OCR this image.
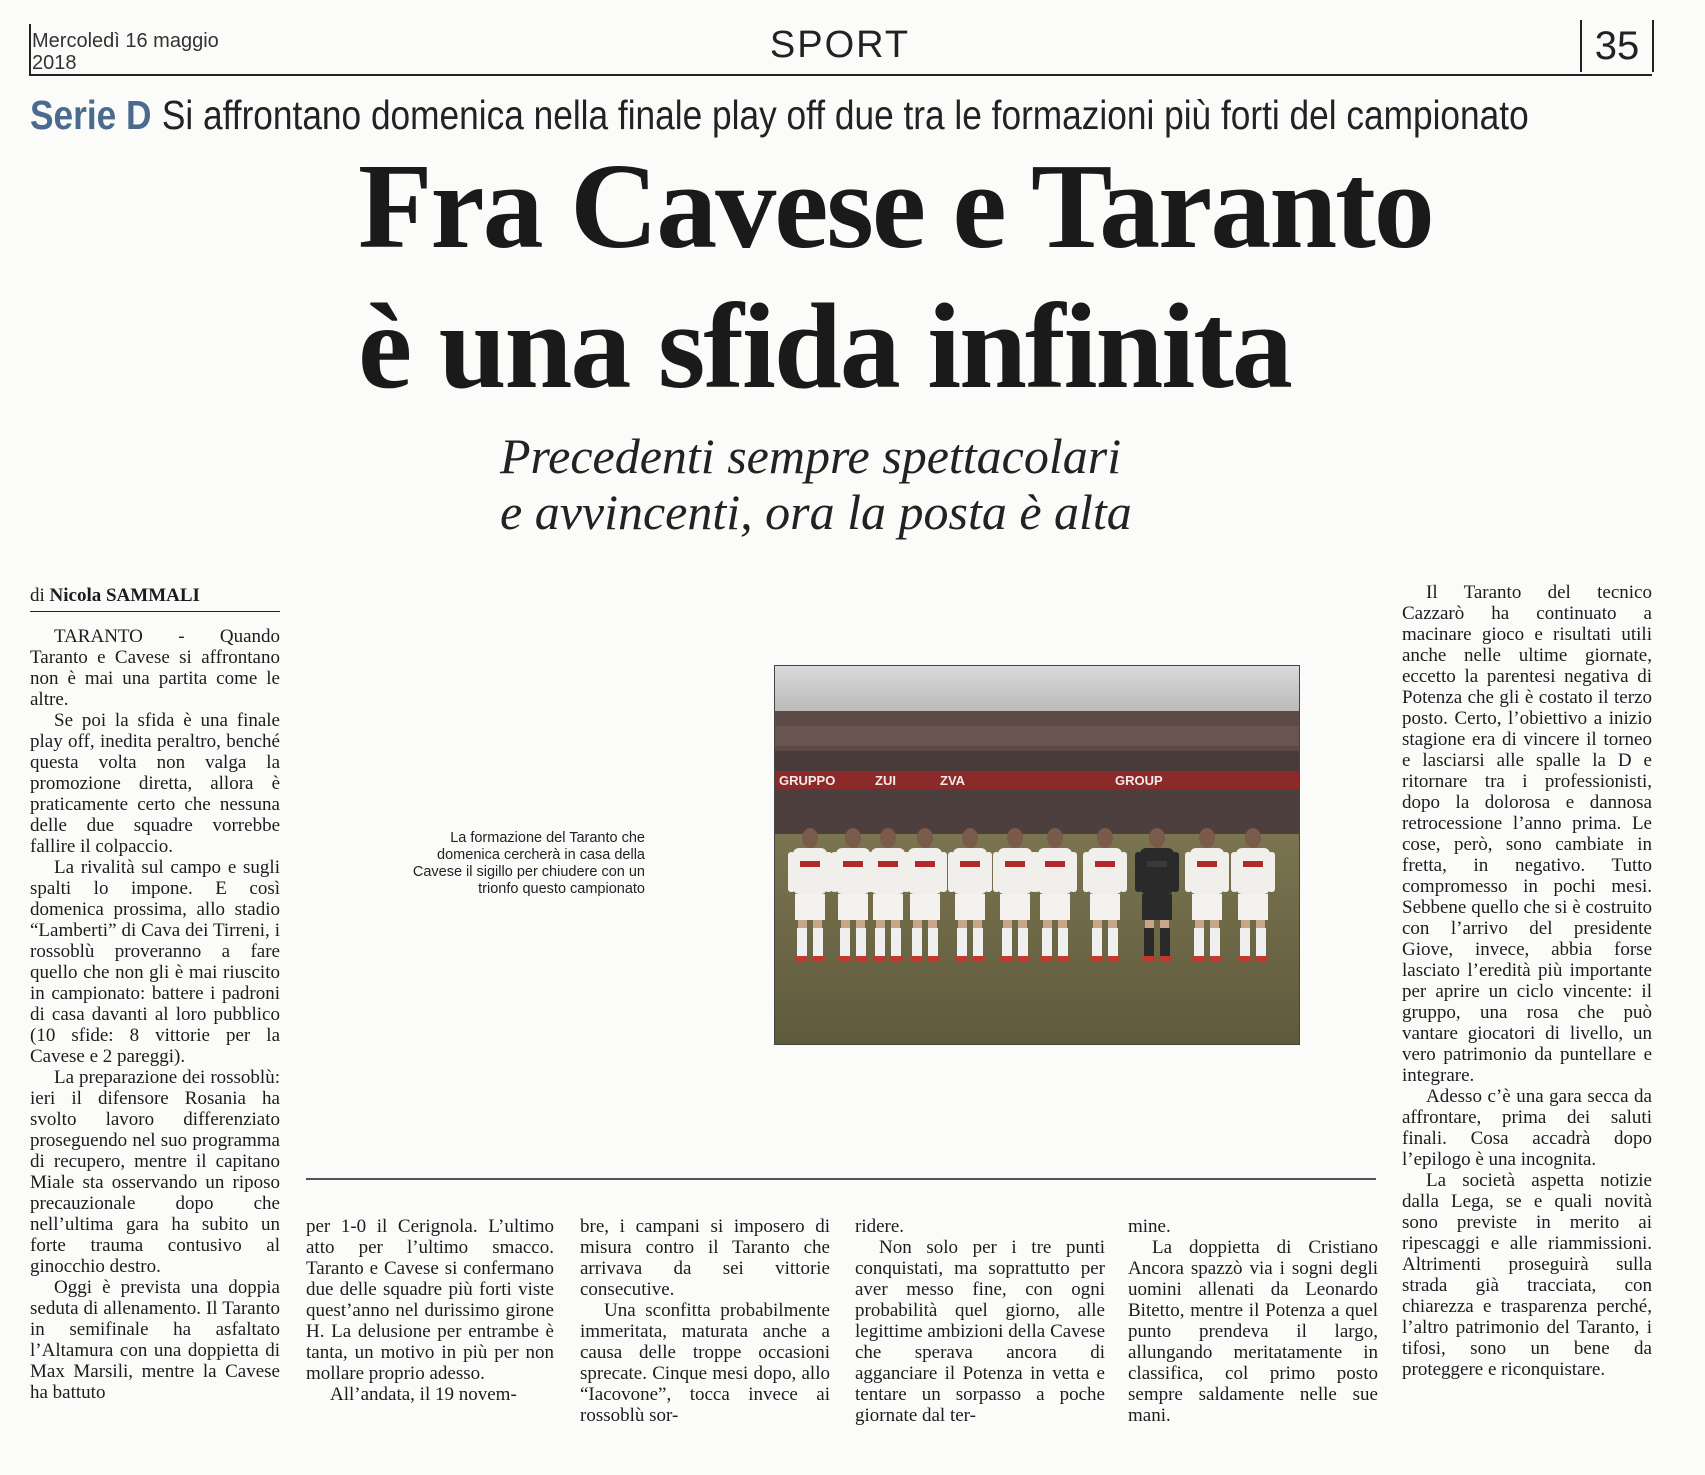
Mercoledì 16 maggio
2018	SPORT	35
Serie D Si affrontano domenica nella finale play off due tra le formazioni più forti del campionato
Fra Cavese e Taranto
è una sfida infinita
Precedenti sempre spettacolari
e avvincenti, ora la posta è alta
di Nicola SAMMALI

TARANTO - Quando Taranto e Cavese si affrontano non è mai una partita come le altre.

Se poi la sfida è una finale play off, inedita peraltro, benché questa volta non valga la promozione diretta, allora è praticamente certo che nessuna delle due squadre vorrebbe fallire il colpaccio.

La rivalità sul campo e sugli spalti lo impone. E così domenica prossima, allo stadio “Lamberti” di Cava dei Tirreni, i rossoblù proveranno a fare quello che non gli è mai riuscito in campionato: battere i padroni di casa davanti al loro pubblico (10 sfide: 8 vittorie per la Cavese e 2 pareggi).

La preparazione dei rossoblù: ieri il difensore Rosania ha svolto lavoro differenziato proseguendo nel suo programma di recupero, mentre il capitano Miale sta osservando un riposo precauzionale dopo che nell’ultima gara ha subito un forte trauma contusivo al ginocchio destro.

Oggi è prevista una doppia seduta di allenamento. Il Taranto in semifinale ha asfaltato l’Altamura con una doppietta di Max Marsili, mentre la Cavese ha battuto

La formazione del Taranto che domenica cercherà in casa della Cavese il sigillo per chiudere con un trionfo questo campionato
GRUPPO	ZUI	ZVA	GROUP

per 1-0 il Cerignola. L’ultimo atto per l’ultimo smacco. Taranto e Cavese si confermano due delle squadre più forti viste quest’anno nel durissimo girone H. La delusione per entrambe è tanta, un motivo in più per non mollare proprio adesso.

All’andata, il 19 novem-

bre, i campani si imposero di misura contro il Taranto che arrivava da sei vittorie consecutive.

Una sconfitta probabilmente immeritata, maturata anche a causa delle troppe occasioni sprecate. Cinque mesi dopo, allo “Iacovone”, tocca invece ai rossoblù sor-

ridere.

Non solo per i tre punti conquistati, ma soprattutto per aver messo fine, con ogni probabilità quel giorno, alle legittime ambizioni della Cavese che sperava ancora di agganciare il Potenza in vetta e tentare un sorpasso a poche giornate dal ter-

mine.

La doppietta di Cristiano Ancora spazzò via i sogni degli uomini allenati da Leonardo Bitetto, mentre il Potenza a quel punto prendeva il largo, allungando meritatamente in classifica, col primo posto sempre saldamente nelle sue mani.

Il Taranto del tecnico Cazzarò ha continuato a macinare gioco e risultati utili anche nelle ultime giornate, eccetto la parentesi negativa di Potenza che gli è costato il terzo posto. Certo, l’obiettivo a inizio stagione era di vincere il torneo e lasciarsi alle spalle la D e ritornare tra i professionisti, dopo la dolorosa e dannosa retrocessione l’anno prima. Le cose, però, sono cambiate in fretta, in negativo. Tutto compromesso in pochi mesi. Sebbene quello che si è costruito con l’arrivo del presidente Giove, invece, abbia forse lasciato l’eredità più importante per aprire un ciclo vincente: il gruppo, una rosa che può vantare giocatori di livello, un vero patrimonio da puntellare e integrare.

Adesso c’è una gara secca da affrontare, prima dei saluti finali. Cosa accadrà dopo l’epilogo è una incognita.

La società aspetta notizie dalla Lega, se e quali novità sono previste in merito ai ripescaggi e alle riammissioni. Altrimenti proseguirà sulla strada già tracciata, con chiarezza e trasparenza perché, l’altro patrimonio del Taranto, i tifosi, sono un bene da proteggere e riconquistare.
